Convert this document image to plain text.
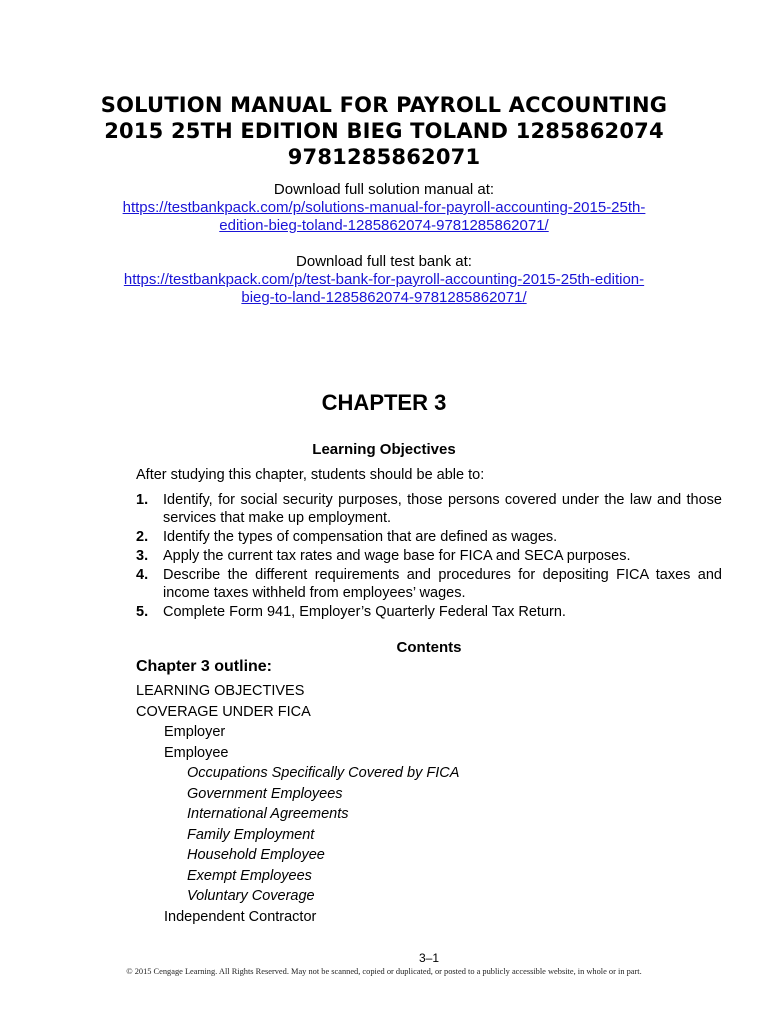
SOLUTION MANUAL FOR PAYROLL ACCOUNTING 2015 25TH EDITION BIEG TOLAND 1285862074 9781285862071
Download full solution manual at:
https://testbankpack.com/p/solutions-manual-for-payroll-accounting-2015-25th-edition-bieg-toland-1285862074-9781285862071/
Download full test bank at:
https://testbankpack.com/p/test-bank-for-payroll-accounting-2015-25th-edition-bieg-to-land-1285862074-9781285862071/
CHAPTER 3
Learning Objectives
After studying this chapter, students should be able to:
1.	Identify, for social security purposes, those persons covered under the law and those services that make up employment.
2.	Identify the types of compensation that are defined as wages.
3.	Apply the current tax rates and wage base for FICA and SECA purposes.
4.	Describe the different requirements and procedures for depositing FICA taxes and income taxes withheld from employees’ wages.
5.	Complete Form 941, Employer’s Quarterly Federal Tax Return.
Contents
Chapter 3 outline:
LEARNING OBJECTIVES
COVERAGE UNDER FICA
Employer
Employee
Occupations Specifically Covered by FICA
Government Employees
International Agreements
Family Employment
Household Employee
Exempt Employees
Voluntary Coverage
Independent Contractor
3–1
© 2015 Cengage Learning. All Rights Reserved. May not be scanned, copied or duplicated, or posted to a publicly accessible website, in whole or in part.
